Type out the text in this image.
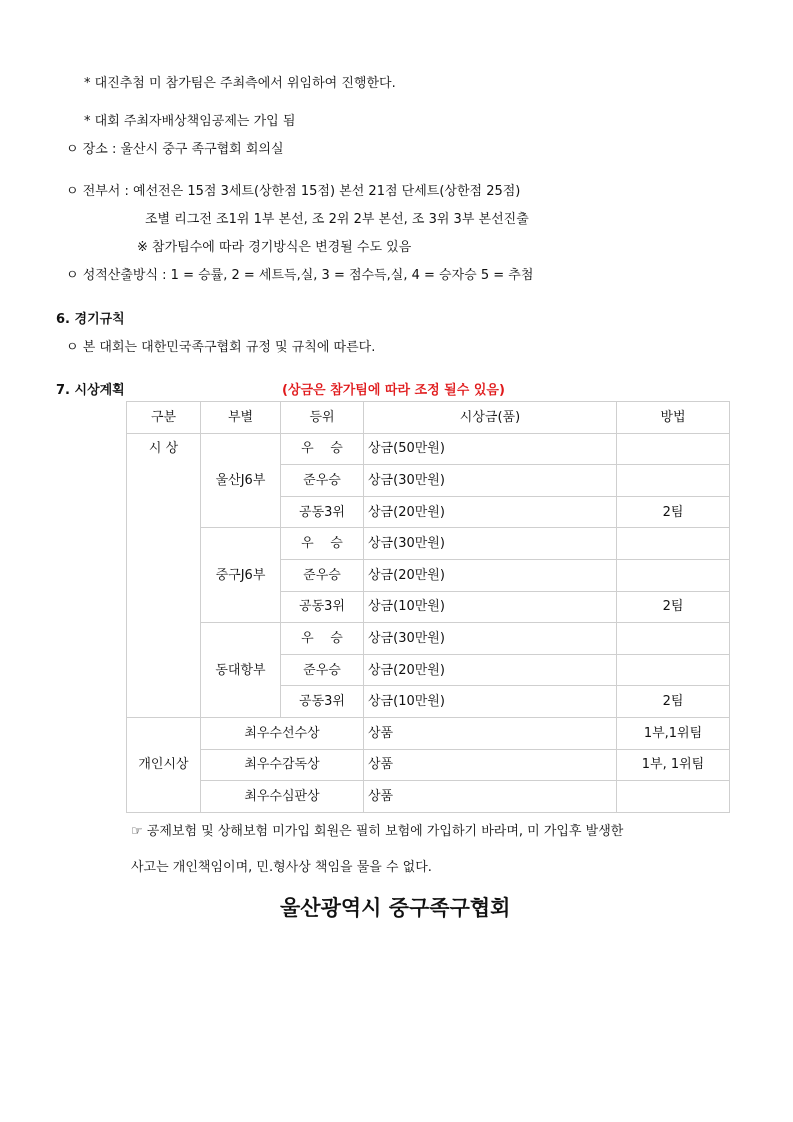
* 대진추첨 미 참가팀은 주최측에서 위임하여 진행한다.
* 대회 주최자배상책임공제는 가입 됨
ㅇ 장소 : 울산시 중구 족구협회 회의실
ㅇ 전부서 : 예선전은 15점 3세트(상한점 15점) 본선 21점 단세트(상한점 25점)
조별 리그전 조1위 1부 본선, 조 2위 2부 본선, 조 3위 3부 본선진출
※ 참가팀수에 따라 경기방식은 변경될 수도 있음
ㅇ 성적산출방식 : 1 = 승률, 2 = 세트득,실, 3 = 점수득,실, 4 = 승자승 5 = 추첨
6. 경기규칙
ㅇ 본 대회는 대한민국족구협회 규정 및 규칙에 따른다.
7. 시상계획	(상금은 참가팀에 따라 조정 될수 있음)
구분	부별	등위	시상금(품)	방법
시 상	울산J6부	우    승	상금(50만원)	
		준우승	상금(30만원)	
		공동3위	상금(20만원)	2팀
	중구J6부	우    승	상금(30만원)	
		준우승	상금(20만원)	
		공동3위	상금(10만원)	2팀
	동대항부	우    승	상금(30만원)	
		준우승	상금(20만원)	
		공동3위	상금(10만원)	2팀
개인시상	최우수선수상		상품	1부,1위팀
	최우수감독상		상품	1부, 1위팀
	최우수심판상		상품	
☞ 공제보험 및 상해보험 미가입 회원은 필히 보험에 가입하기 바라며, 미 가입후 발생한
사고는 개인책임이며, 민.형사상 책임을 물을 수 없다.
울산광역시 중구족구협회
